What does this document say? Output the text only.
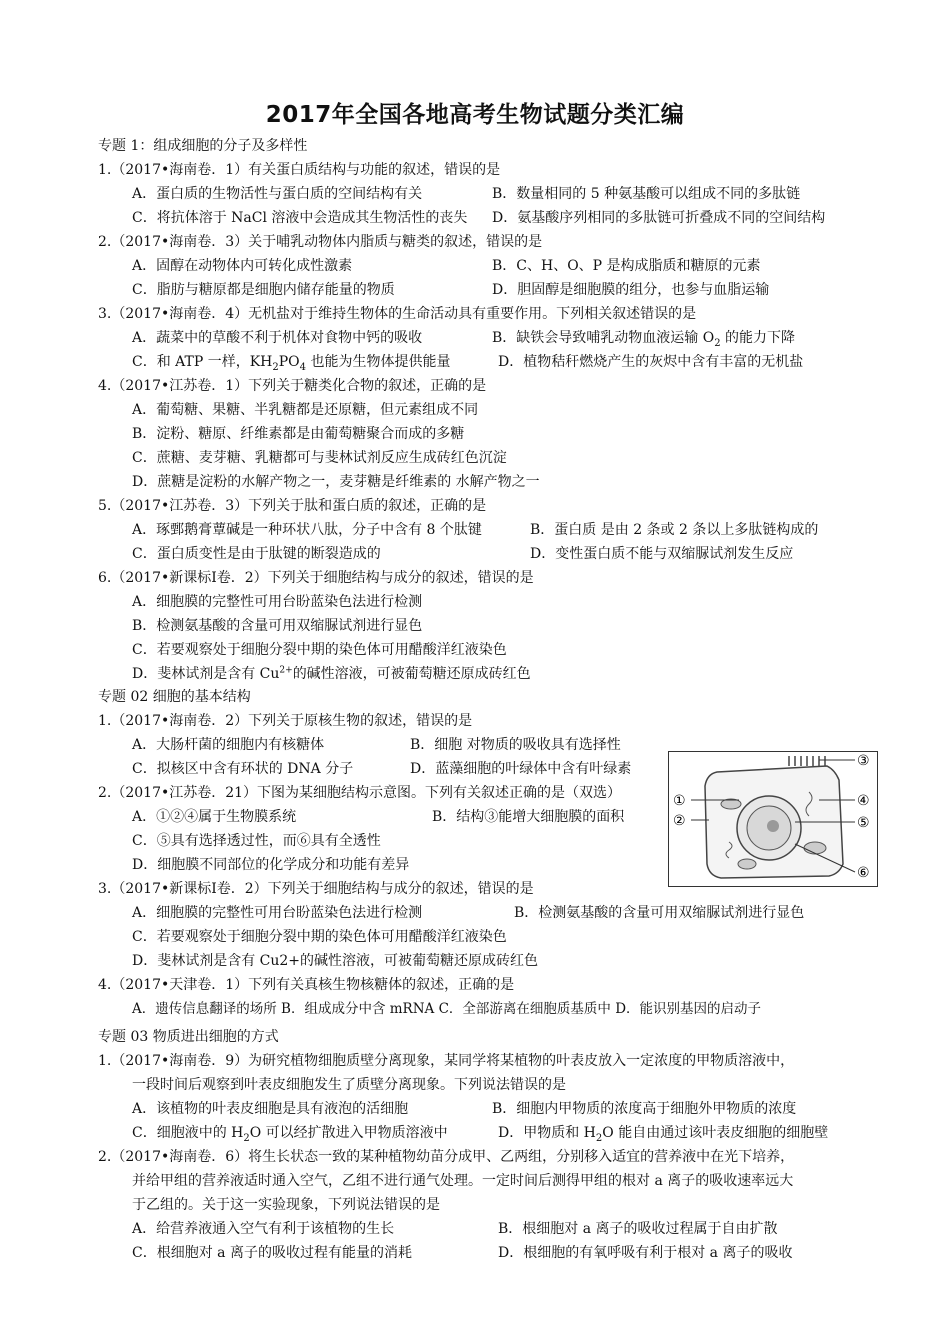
2017年全国各地高考生物试题分类汇编
专题 1：组成细胞的分子及多样性
1.（2017•海南卷．1）有关蛋白质结构与功能的叙述，错误的是
A．蛋白质的生物活性与蛋白质的空间结构有关	B．数量相同的 5 种氨基酸可以组成不同的多肽链
C．将抗体溶于 NaCl 溶液中会造成其生物活性的丧失 D．氨基酸序列相同的多肽链可折叠成不同的空间结构
2.（2017•海南卷．3）关于哺乳动物体内脂质与糖类的叙述，错误的是
A．固醇在动物体内可转化成性激素	B．C、H、O、P 是构成脂质和糖原的元素
C．脂肪与糖原都是细胞内储存能量的物质	D．胆固醇是细胞膜的组分，也参与血脂运输
3.（2017•海南卷．4）无机盐对于维持生物体的生命活动具有重要作用。下列相关叙述错误的是
A．蔬菜中的草酸不利于机体对食物中钙的吸收	B．缺铁会导致哺乳动物血液运输 $O_2$ 的能力下降
C．和 ATP 一样，$KH_2PO_4$ 也能为生物体提供能量	D．植物秸秆燃烧产生的灰烬中含有丰富的无机盐
4.（2017•江苏卷．1）下列关于糖类化合物的叙述，正确的是
A．葡萄糖、果糖、半乳糖都是还原糖，但元素组成不同
B．淀粉、糖原、纤维素都是由葡萄糖聚合而成的多糖
C．蔗糖、麦芽糖、乳糖都可与斐林试剂反应生成砖红色沉淀
D．蔗糖是淀粉的水解产物之一，麦芽糖是纤维素的 水解产物之一
5.（2017•江苏卷．3）下列关于肽和蛋白质的叙述，正确的是
A．琢鄄鹅膏蕈碱是一种环状八肽，分子中含有 8 个肽键	B．蛋白质 是由 2 条或 2 条以上多肽链构成的
C．蛋白质变性是由于肽键的断裂造成的	D．变性蛋白质不能与双缩脲试剂发生反应
6.（2017•新课标Ⅰ卷．2）下列关于细胞结构与成分的叙述，错误的是
A．细胞膜的完整性可用台盼蓝染色法进行检测
B．检测氨基酸的含量可用双缩脲试剂进行显色
C．若要观察处于细胞分裂中期的染色体可用醋酸洋红液染色
D．斐林试剂是含有 $Cu^{2+}$的碱性溶液，可被葡萄糖还原成砖红色
专题 02 细胞的基本结构
1.（2017•海南卷．2）下列关于原核生物的叙述，错误的是
A．大肠杆菌的细胞内有核糖体	B．细胞 对物质的吸收具有选择性
C．拟核区中含有环状的 DNA 分子	D．蓝藻细胞的叶绿体中含有叶绿素
2.（2017•江苏卷．21）下图为某细胞结构示意图。下列有关叙述正确的是（双选）
A．①②④属于生物膜系统	B．结构③能增大细胞膜的面积
C．⑤具有选择透过性，而⑥具有全透性
D．细胞膜不同部位的化学成分和功能有差异
①
②
③
④
⑤
⑥
3.（2017•新课标Ⅰ卷．2）下列关于细胞结构与成分的叙述，错误的是
A．细胞膜的完整性可用台盼蓝染色法进行检测	B．检测氨基酸的含量可用双缩脲试剂进行显色
C．若要观察处于细胞分裂中期的染色体可用醋酸洋红液染色
D．斐林试剂是含有 Cu2+的碱性溶液，可被葡萄糖还原成砖红色
4.（2017•天津卷．1）下列有关真核生物核糖体的叙述，正确的是
A．遗传信息翻译的场所 B．组成成分中含 mRNA C．全部游离在细胞质基质中 D．能识别基因的启动子
专题 03 物质进出细胞的方式
1.（2017•海南卷．9）为研究植物细胞质壁分离现象，某同学将某植物的叶表皮放入一定浓度的甲物质溶液中，
一段时间后观察到叶表皮细胞发生了质壁分离现象。下列说法错误的是
A．该植物的叶表皮细胞是具有液泡的活细胞	B．细胞内甲物质的浓度高于细胞外甲物质的浓度
C．细胞液中的 $H_2O$ 可以经扩散进入甲物质溶液中	D．甲物质和 $H_2O$ 能自由通过该叶表皮细胞的细胞壁
2.（2017•海南卷．6）将生长状态一致的某种植物幼苗分成甲、乙两组，分别移入适宜的营养液中在光下培养，
并给甲组的营养液适时通入空气，乙组不进行通气处理。一定时间后测得甲组的根对 a 离子的吸收速率远大
于乙组的。关于这一实验现象，下列说法错误的是
A．给营养液通入空气有利于该植物的生长	B．根细胞对 a 离子的吸收过程属于自由扩散
C．根细胞对 a 离子的吸收过程有能量的消耗	D．根细胞的有氧呼吸有利于根对 a 离子的吸收
